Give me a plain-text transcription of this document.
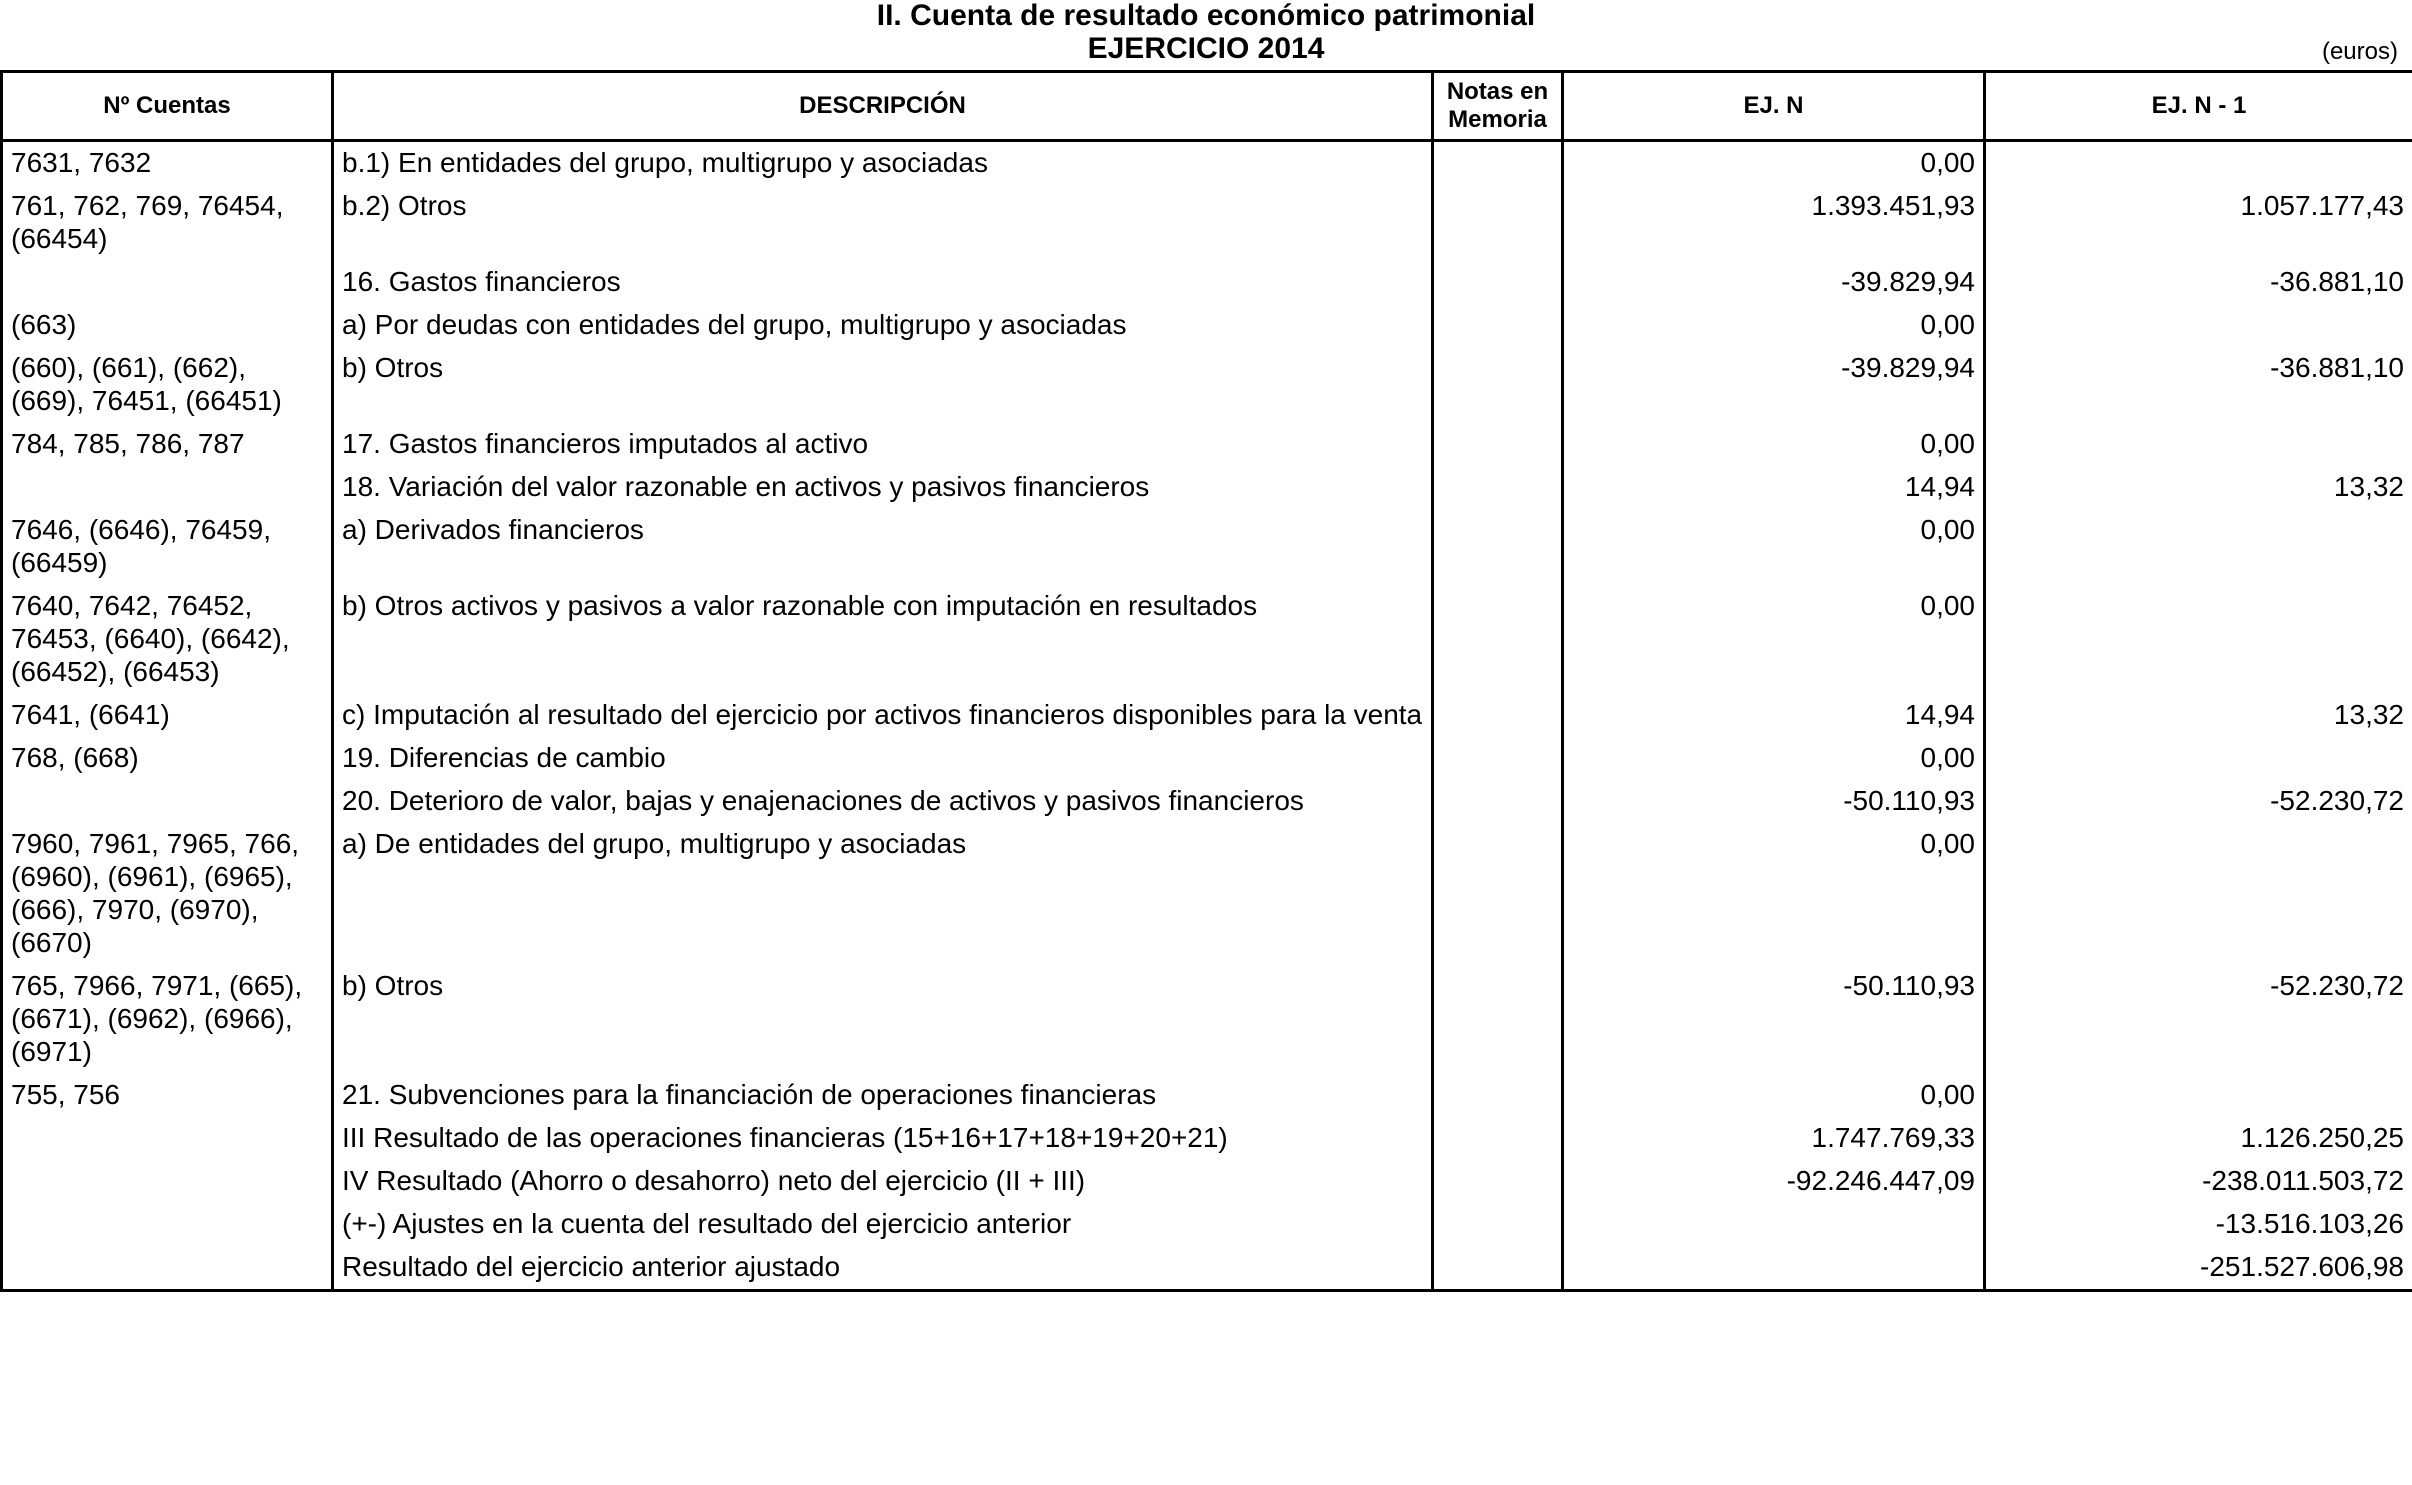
II. Cuenta de resultado económico patrimonial
EJERCICIO 2014	(euros)
Nº Cuentas	DESCRIPCIÓN	Notas en Memoria	EJ. N	EJ. N - 1
7631, 7632	b.1) En entidades del grupo, multigrupo y asociadas		0,00	
761, 762, 769, 76454, (66454)	b.2) Otros		1.393.451,93	1.057.177,43
	16. Gastos financieros		-39.829,94	-36.881,10
(663)	a) Por deudas con entidades del grupo, multigrupo y asociadas		0,00	
(660), (661), (662), (669), 76451, (66451)	b) Otros		-39.829,94	-36.881,10
784, 785, 786, 787	17. Gastos financieros imputados al activo		0,00	
	18. Variación del valor razonable en activos y pasivos financieros		14,94	13,32
7646, (6646), 76459, (66459)	a) Derivados financieros		0,00	
7640, 7642, 76452, 76453, (6640), (6642), (66452), (66453)	b) Otros activos y pasivos a valor razonable con imputación en resultados		0,00	
7641, (6641)	c) Imputación al resultado del ejercicio por activos financieros disponibles para la venta		14,94	13,32
768, (668)	19. Diferencias de cambio		0,00	
	20. Deterioro de valor, bajas y enajenaciones de activos y pasivos financieros		-50.110,93	-52.230,72
7960, 7961, 7965, 766, (6960), (6961), (6965), (666), 7970, (6970), (6670)	a) De entidades del grupo, multigrupo y asociadas		0,00	
765, 7966, 7971, (665), (6671), (6962), (6966), (6971)	b) Otros		-50.110,93	-52.230,72
755, 756	21. Subvenciones para la financiación de operaciones financieras		0,00	
	III Resultado de las operaciones financieras (15+16+17+18+19+20+21)		1.747.769,33	1.126.250,25
	IV Resultado (Ahorro o desahorro) neto del ejercicio (II + III)		-92.246.447,09	-238.011.503,72
	(+-) Ajustes en la cuenta del resultado del ejercicio anterior			-13.516.103,26
	Resultado del ejercicio anterior ajustado			-251.527.606,98
